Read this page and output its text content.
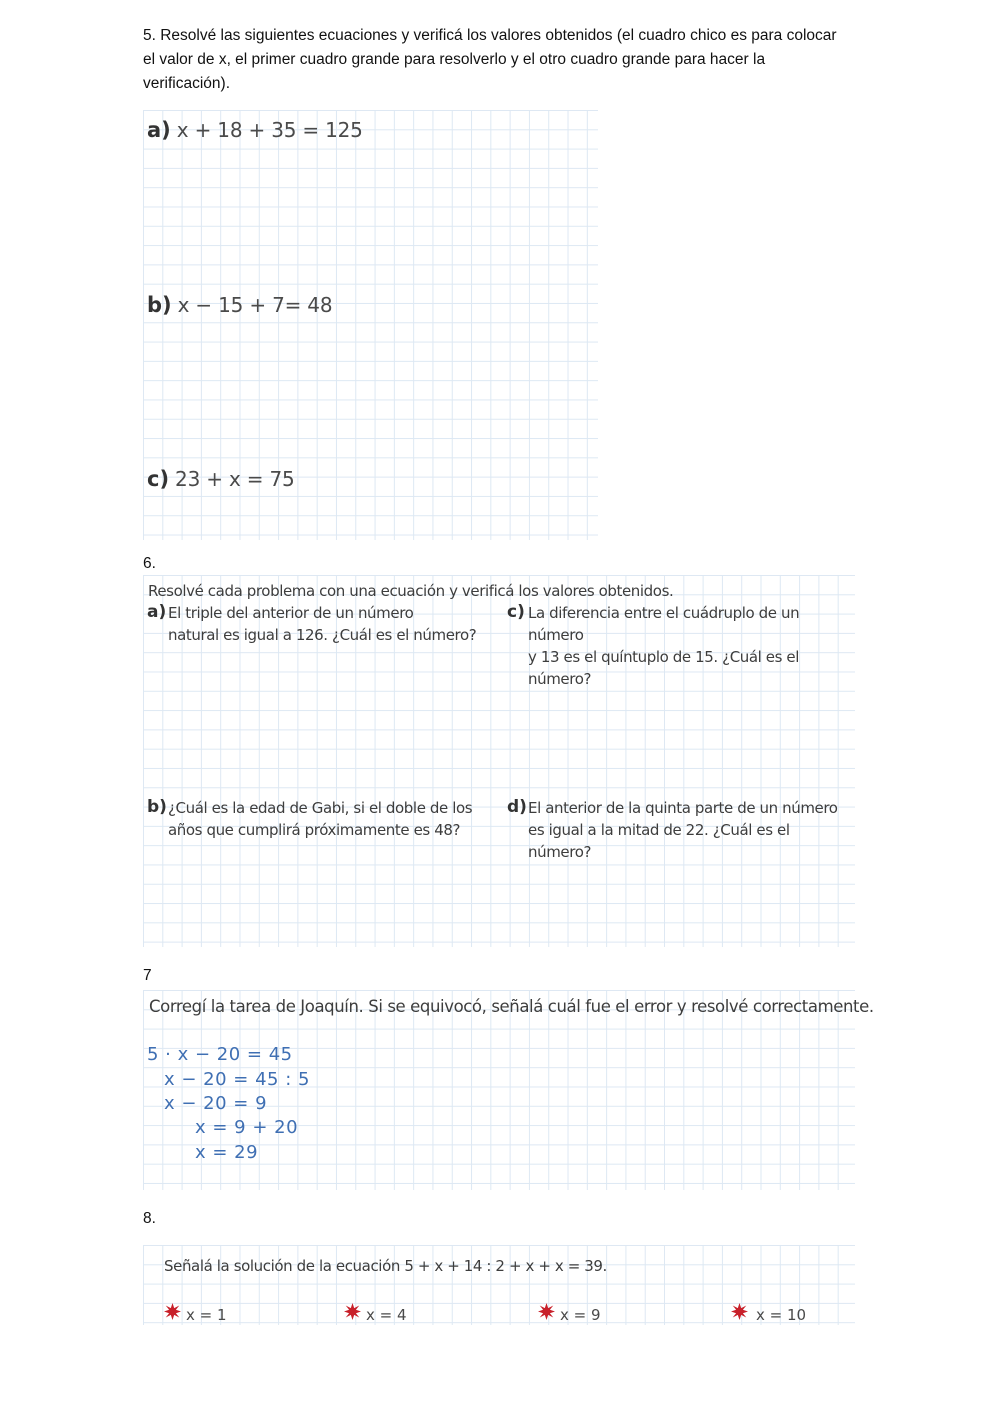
5. Resolvé las siguientes ecuaciones y verificá los valores obtenidos (el cuadro chico es para colocar el valor de x, el primer cuadro grande para resolverlo y el otro cuadro grande para hacer la verificación).
a) x + 18 + 35 = 125
b) x − 15 + 7= 48
c) 23 + x = 75
6.
Resolvé cada problema con una ecuación y verificá los valores obtenidos.
a) El triple del anterior de un número
natural es igual a 126. ¿Cuál es el número?
c) La diferencia entre el cuádruplo de un número
y 13 es el quíntuplo de 15. ¿Cuál es el número?
b) ¿Cuál es la edad de Gabi, si el doble de los
años que cumplirá próximamente es 48?
d) El anterior de la quinta parte de un número
es igual a la mitad de 22. ¿Cuál es el número?
7
Corregí la tarea de Joaquín. Si se equivocó, señalá cuál fue el error y resolvé correctamente.
5 · x − 20 = 45
x − 20 = 45 : 5
x − 20 = 9
x = 9 + 20
x = 29
8.
Señalá la solución de la ecuación 5 + x + 14 : 2 + x + x = 39.
x = 1	x = 4	x = 9	x = 10
